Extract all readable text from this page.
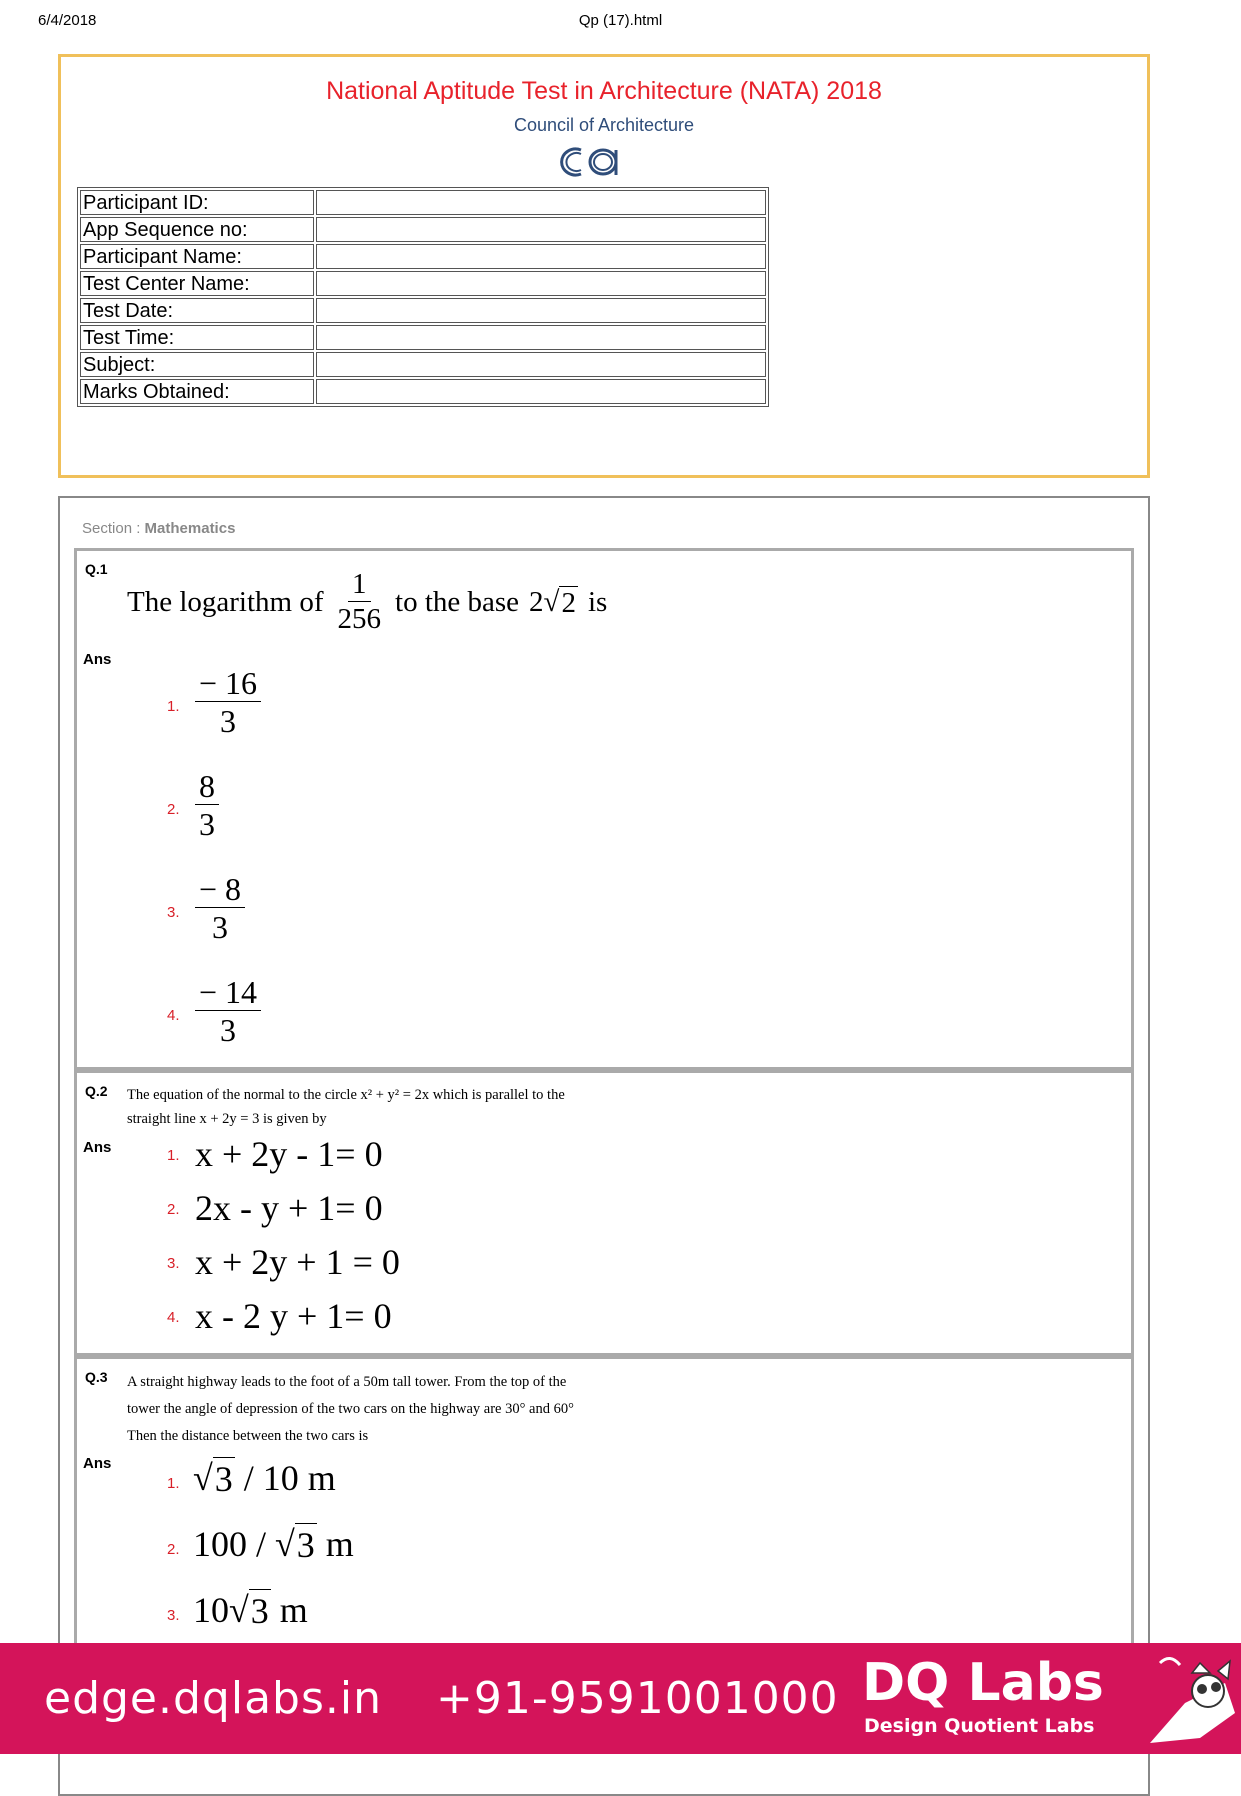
6/4/2018	Qp (17).html
National Aptitude Test in Architecture (NATA) 2018
Council of Architecture
Participant ID:	
App Sequence no:	
Participant Name:	
Test Center Name:	
Test Date:	
Test Time:	
Subject:	
Marks Obtained:	
Section : Mathematics
Q.1
The logarithm of $\frac{1}{256}$ to the base 2 √ 2 is
Ans
1. $\frac{- 16}{3}$
2. $\frac{8}{3}$
3. $\frac{- 8}{3}$
4. $\frac{- 14}{3}$
Q.2 The equation of the normal to the circle x² + y² = 2x which is parallel to the
straight line x + 2y = 3 is given by
Ans	1. x + 2y - 1= 0
2. 2x - y + 1= 0
3. x + 2y + 1 = 0
4. x - 2 y + 1= 0
Q.3 A straight highway leads to the foot of a 50m tall tower. From the top of the
tower the angle of depression of the two cars on the highway are 30° and 60°
Then the distance between the two cars is
Ans
1. √ 3 / 10 m
2. 100 / √ 3 m
3. 10 √ 3 m
edge.dqlabs.in +91-9591001000 DQ Labs
Design Quotient Labs
